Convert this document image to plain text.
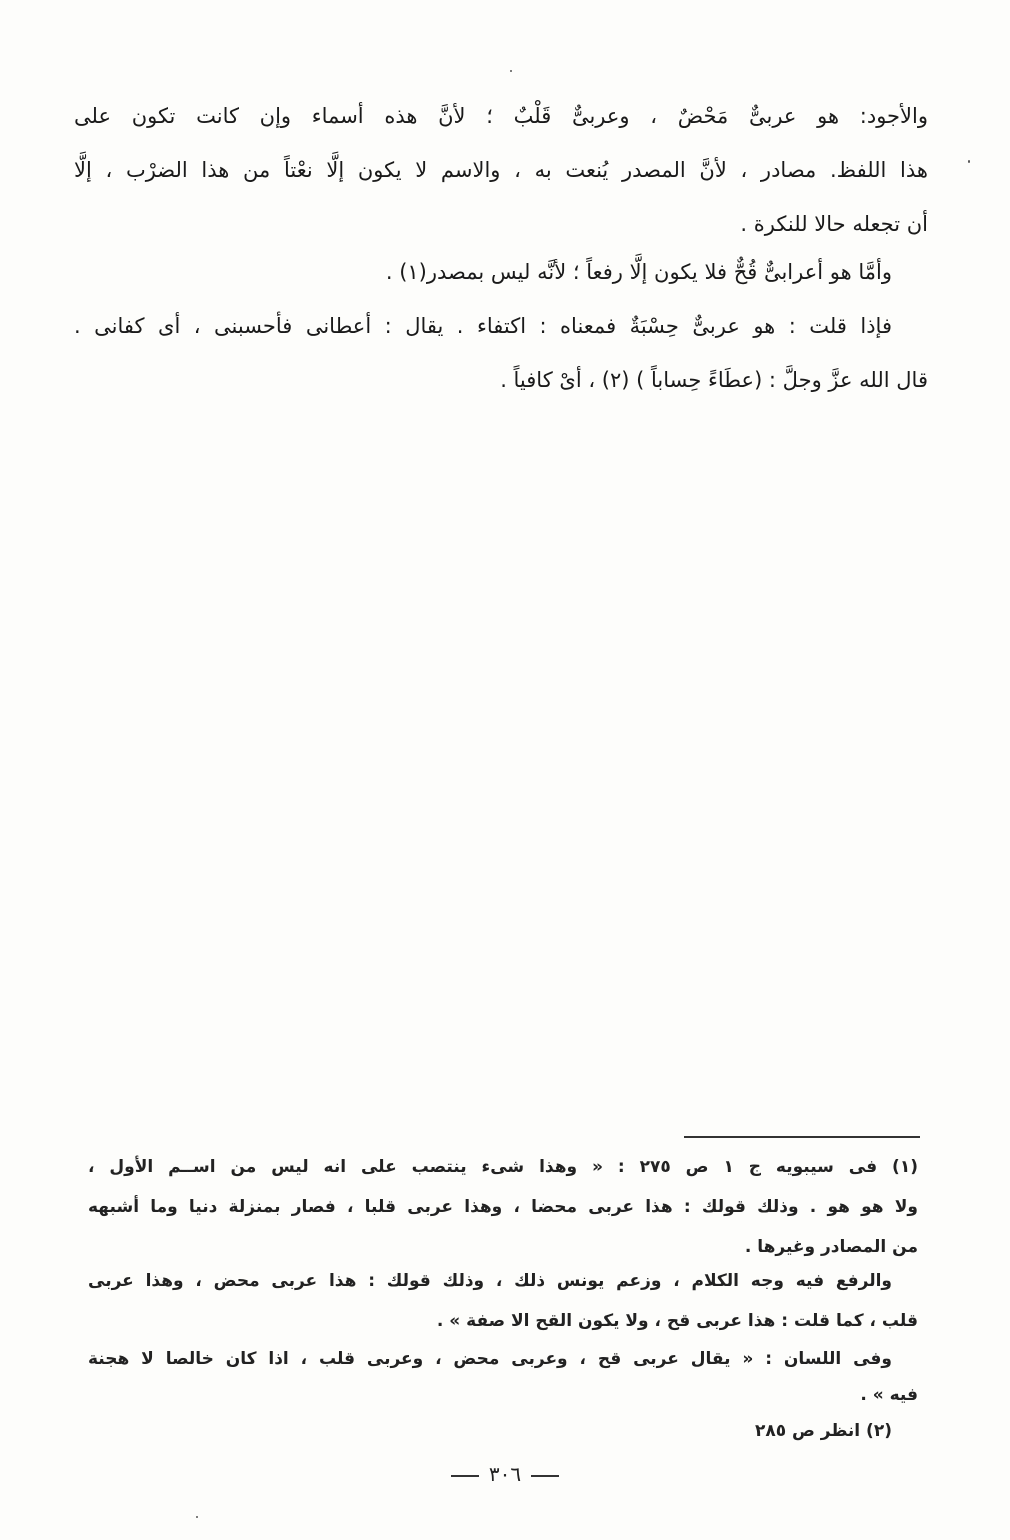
والأجود: هو عربىٌّ مَحْضٌ ، وعربىٌّ قَلْبٌ ؛ لأنَّ هذه أسماء وإن كانت تكون على
هذا اللفظ. مصادر ، لأنَّ المصدر يُنعت به ، والاسم لا يكون إلَّا نعْتاً من هذا الضرْب ، إلَّا
أن تجعله حالا للنكرة .
وأمَّا هو أعرابىٌّ قُحٌّ فلا يكون إلَّا رفعاً ؛ لأنَّه ليس بمصدر(١) .
فإذا قلت : هو عربىٌّ حِسْبَةٌ فمعناه : اكتفاء . يقال : أعطانى فأحسبنى ، أى كفانى .
قال الله عزَّ وجلَّ : (عطَاءً حِساباً ) (٢) ، أىْ كافياً .
(١) فى سيبويه ج ١ ص ٢٧٥ : « وهذا شىء ينتصب على انه ليس من اســم الأول ،
ولا هو هو . وذلك قولك : هذا عربى محضا ، وهذا عربى قلبا ، فصار بمنزلة دنيا وما أشبهه
من المصادر وغيرها .
والرفع فيه وجه الكلام ، وزعم يونس ذلك ، وذلك قولك : هذا عربى محض ، وهذا عربى
قلب ، كما قلت : هذا عربى قح ، ولا يكون القح الا صفة » .
وفى اللسان : « يقال عربى قح ، وعربى محض ، وعربى قلب ، اذا كان خالصا لا هجنة
فيه » .
(٢) انظر ص ٢٨٥
٣٠٦
